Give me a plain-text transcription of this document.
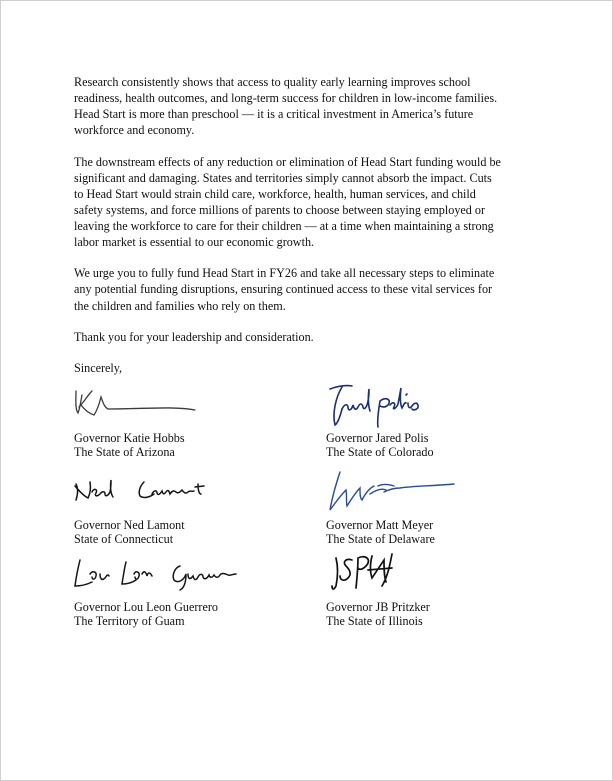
Research consistently shows that access to quality early learning improves school
readiness, health outcomes, and long-term success for children in low-income families.
Head Start is more than preschool — it is a critical investment in America’s future
workforce and economy.

The downstream effects of any reduction or elimination of Head Start funding would be
significant and damaging. States and territories simply cannot absorb the impact. Cuts
to Head Start would strain child care, workforce, health, human services, and child
safety systems, and force millions of parents to choose between staying employed or
leaving the workforce to care for their children — at a time when maintaining a strong
labor market is essential to our economic growth.

We urge you to fully fund Head Start in FY26 and take all necessary steps to eliminate
any potential funding disruptions, ensuring continued access to these vital services for
the children and families who rely on them.

Thank you for your leadership and consideration.

Sincerely,

Governor Katie Hobbs
The State of Arizona
Governor Jared Polis
The State of Colorado
Governor Ned Lamont
State of Connecticut
Governor Matt Meyer
The State of Delaware
Governor Lou Leon Guerrero
The Territory of Guam
Governor JB Pritzker
The State of Illinois
